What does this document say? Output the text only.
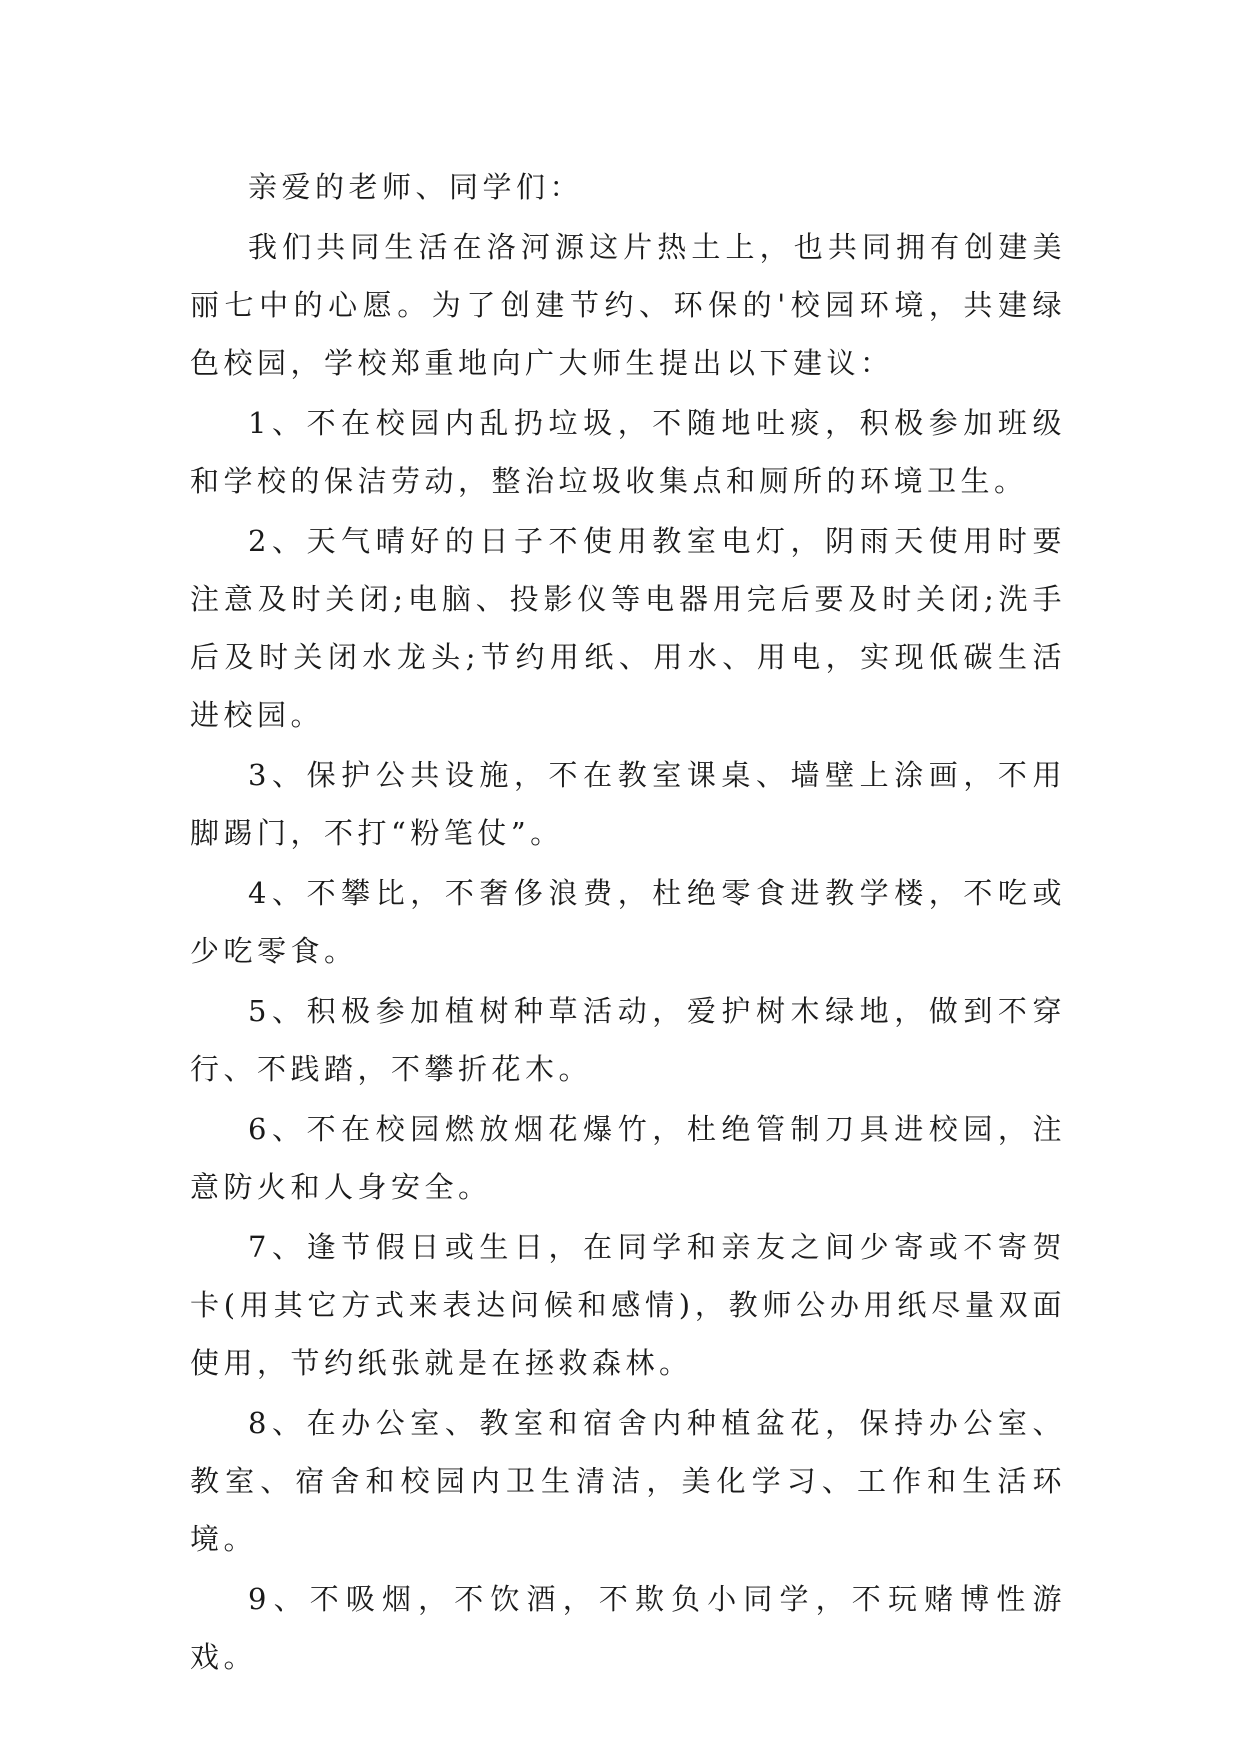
亲爱的老师、同学们：

我们共同生活在洛河源这片热土上，也共同拥有创建美丽七中的心愿。为了创建节约、环保的'校园环境，共建绿色校园，学校郑重地向广大师生提出以下建议：

1、不在校园内乱扔垃圾，不随地吐痰，积极参加班级和学校的保洁劳动，整治垃圾收集点和厕所的环境卫生。

2、天气晴好的日子不使用教室电灯，阴雨天使用时要注意及时关闭;电脑、投影仪等电器用完后要及时关闭;洗手后及时关闭水龙头;节约用纸、用水、用电，实现低碳生活进校园。

3、保护公共设施，不在教室课桌、墙壁上涂画，不用脚踢门，不打“粉笔仗”。

4、不攀比，不奢侈浪费，杜绝零食进教学楼，不吃或少吃零食。

5、积极参加植树种草活动，爱护树木绿地，做到不穿行、不践踏，不攀折花木。

6、不在校园燃放烟花爆竹，杜绝管制刀具进校园，注意防火和人身安全。

7、逢节假日或生日，在同学和亲友之间少寄或不寄贺卡(用其它方式来表达问候和感情)，教师公办用纸尽量双面使用，节约纸张就是在拯救森林。

8、在办公室、教室和宿舍内种植盆花，保持办公室、教室、宿舍和校园内卫生清洁，美化学习、工作和生活环境。

9、不吸烟，不饮酒，不欺负小同学，不玩赌博性游戏。
